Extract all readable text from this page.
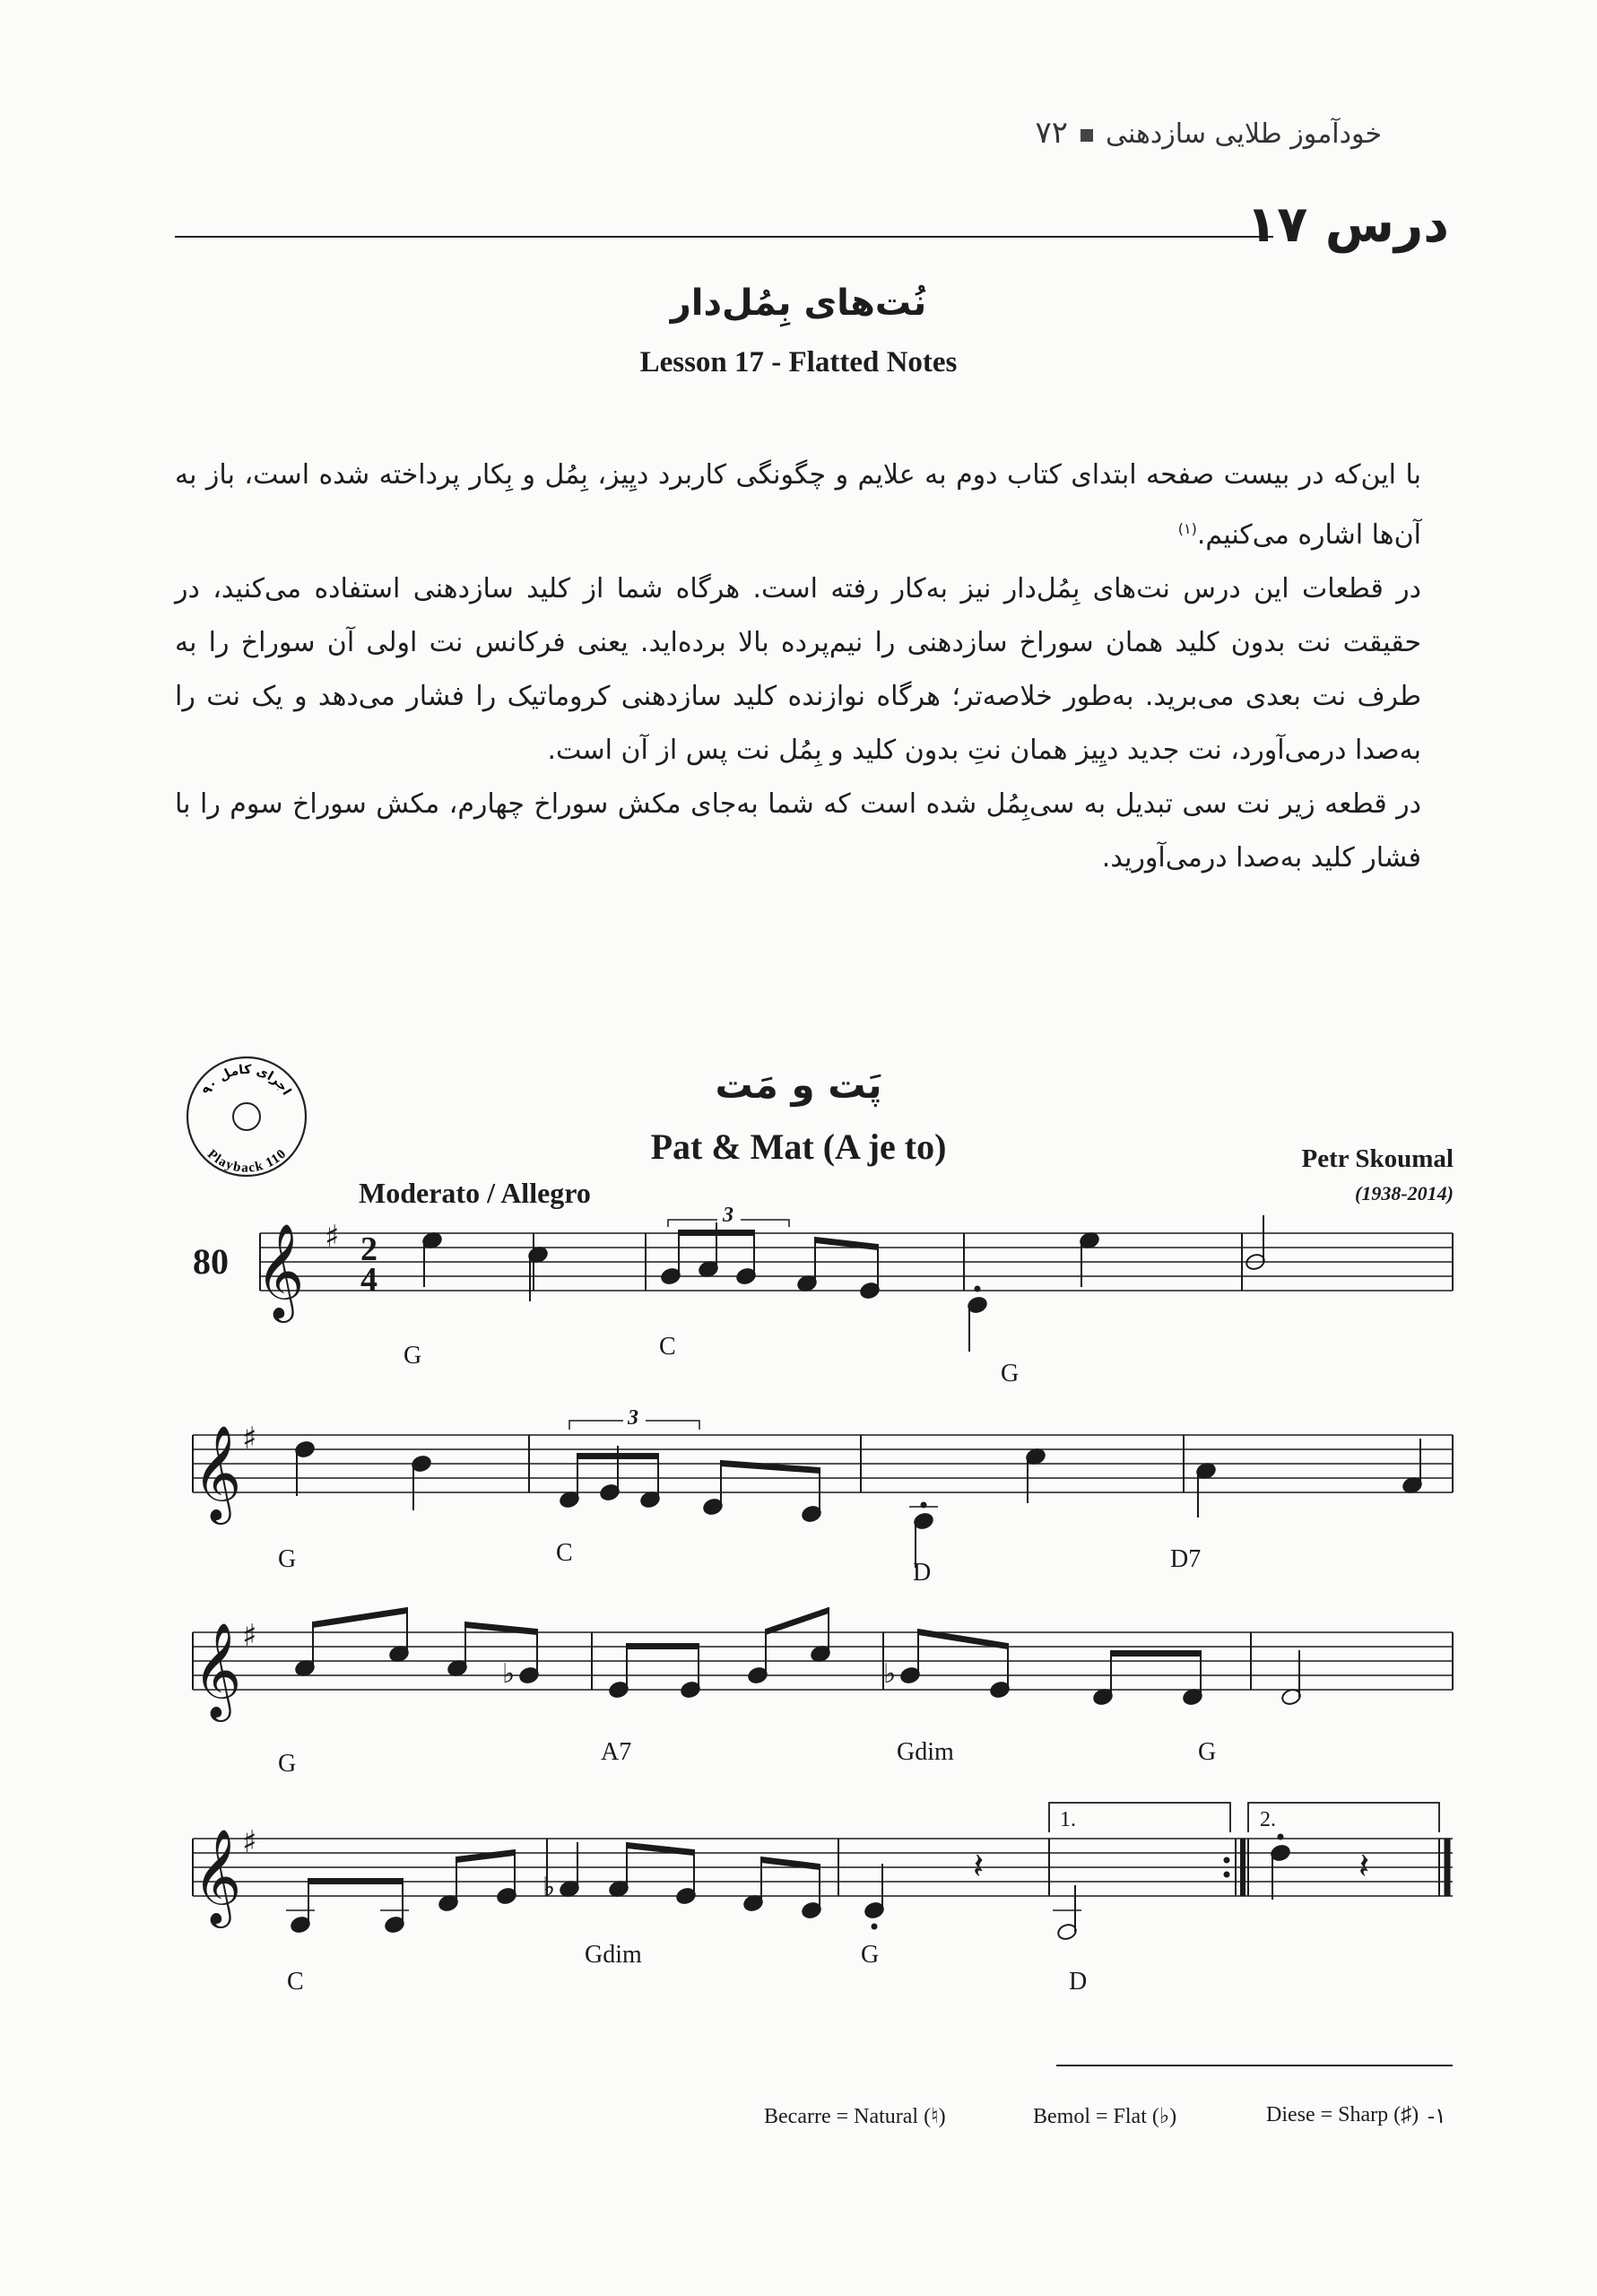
خودآموز طلایی سازدهنی۷۲
درس ۱۷
نُت‌های بِمُل‌دار
Lesson 17 - Flatted Notes

با این‌که در بیست صفحه ابتدای کتاب دوم به علایم و چگونگی کاربرد دیِیز، بِمُل و بِکار پرداخته شده است، باز به آن‌ها اشاره می‌کنیم.$^{(۱)}$

در قطعات این درس نت‌های بِمُل‌دار نیز به‌کار رفته است. هرگاه شما از کلید سازدهنی استفاده می‌کنید، در حقیقت نت بدون کلید همان سوراخ سازدهنی را نیم‌پرده بالا برده‌اید. یعنی فرکانس نت اولی آن سوراخ را به طرف نت بعدی می‌برید. به‌طور خلاصه‌تر؛ هرگاه نوازنده کلید سازدهنی کروماتیک را فشار می‌دهد و یک نت را به‌صدا درمی‌آورد، نت جدید دیِیز همان نتِ بدون کلید و بِمُل نت پس از آن است.

در قطعه زیر نت سی تبدیل به سی‌بِمُل شده است که شما به‌جای مکش سوراخ چهارم، مکش سوراخ سوم را با فشار کلید به‌صدا درمی‌آورید.

اجرای کامل ۹۰
Playback 110
پَت و مَت
Pat & Mat (A je to)	Petr Skoumal
(1938-2014)
Moderato / Allegro
𝄞
𝄞
𝄞
𝄞
♯
♯
♯
♯
80	2
4
3
3
1.	2.
♭	♭
♭
𝄽	𝄽
G	C
G
G	C
D	D7
G	A7	Gdim	G
C
Gdim	G
D
-۱
Diese = Sharp (♯)
Bemol = Flat (♭)
Becarre = Natural (♮)
